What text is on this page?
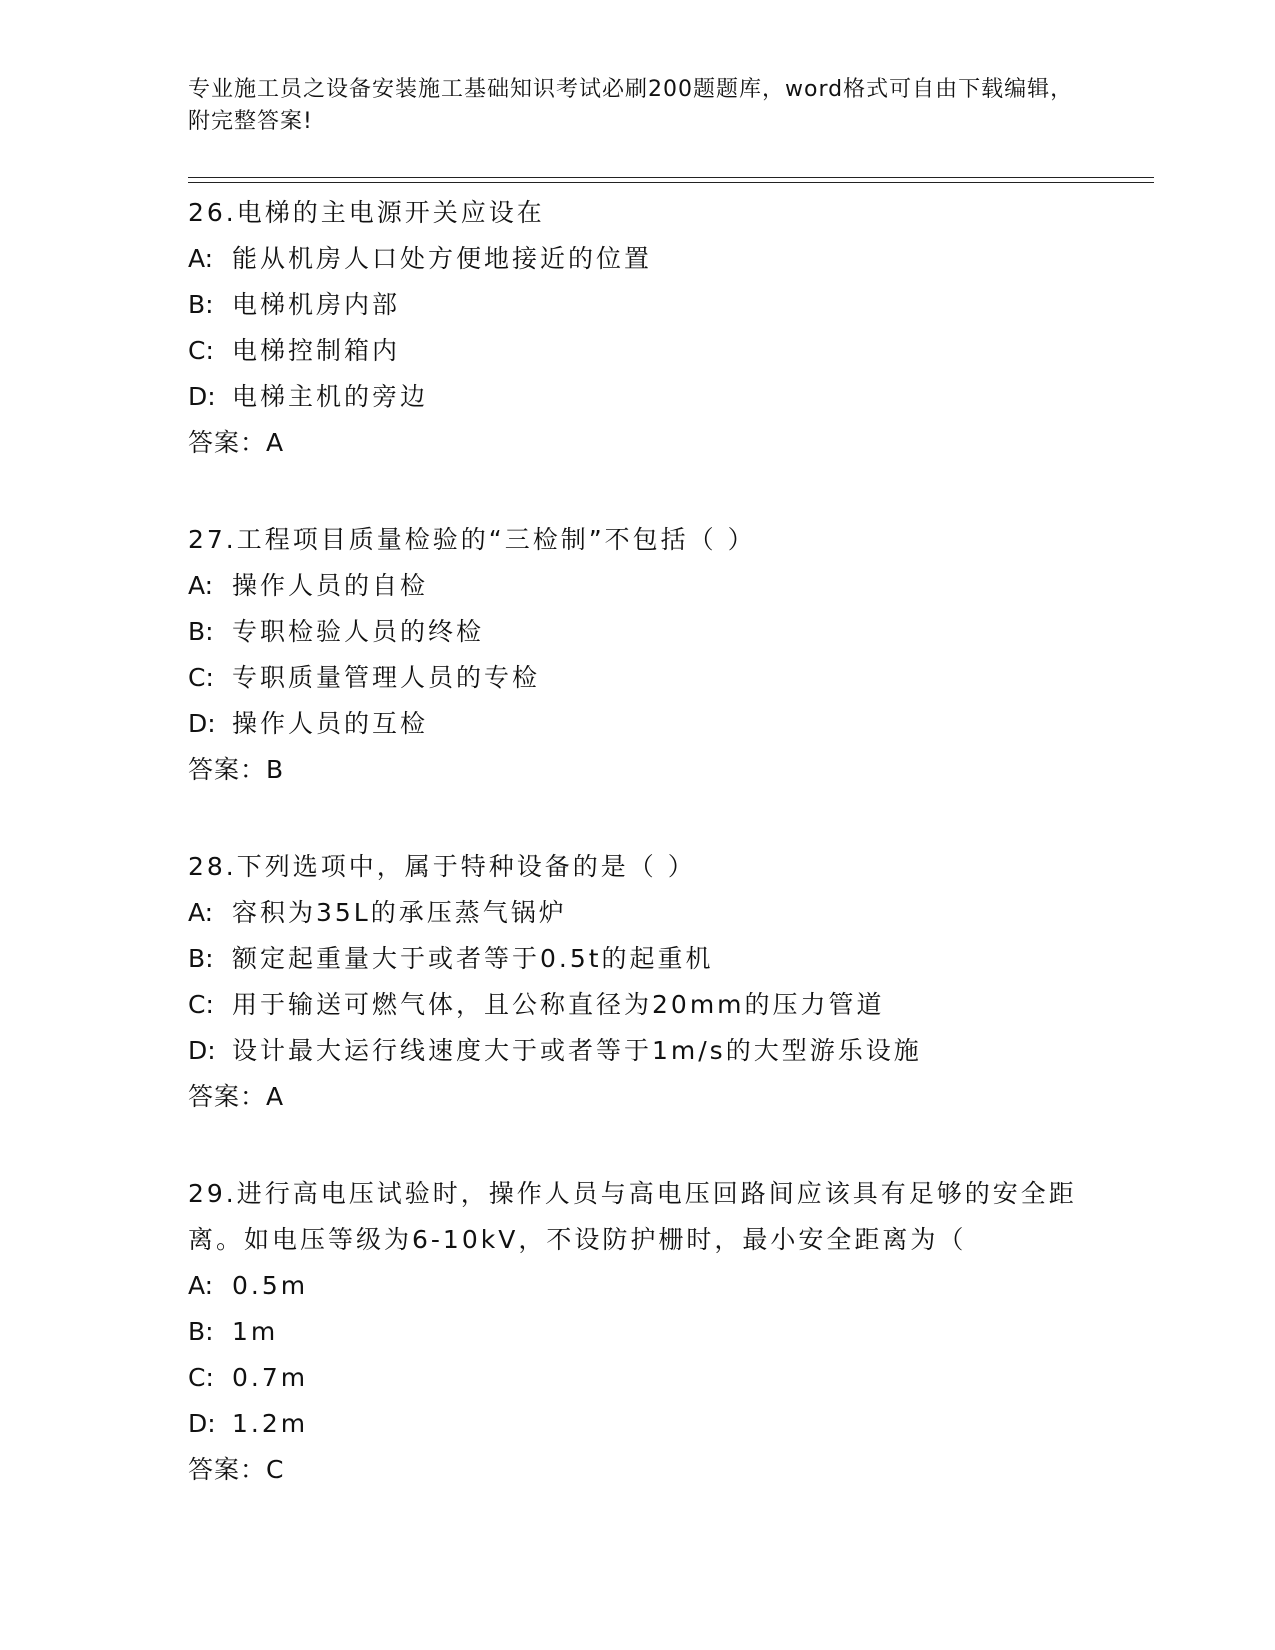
专业施工员之设备安装施工基础知识考试必刷200题题库，word格式可自由下载编辑，附完整答案!
26.电梯的主电源开关应设在
A: 能从机房人口处方便地接近的位置
B: 电梯机房内部
C: 电梯控制箱内
D: 电梯主机的旁边
答案：A
27.工程项目质量检验的“三检制”不包括（ ）
A: 操作人员的自检
B: 专职检验人员的终检
C: 专职质量管理人员的专检
D: 操作人员的互检
答案：B
28.下列选项中，属于特种设备的是（ ）
A: 容积为35L的承压蒸气锅炉
B: 额定起重量大于或者等于0.5t的起重机
C: 用于输送可燃气体，且公称直径为20mm的压力管道
D: 设计最大运行线速度大于或者等于1m/s的大型游乐设施
答案：A
29.进行高电压试验时，操作人员与高电压回路间应该具有足够的安全距离。如电压等级为6-10kV，不设防护栅时，最小安全距离为（
A: 0.5m
B: 1m
C: 0.7m
D: 1.2m
答案：C
